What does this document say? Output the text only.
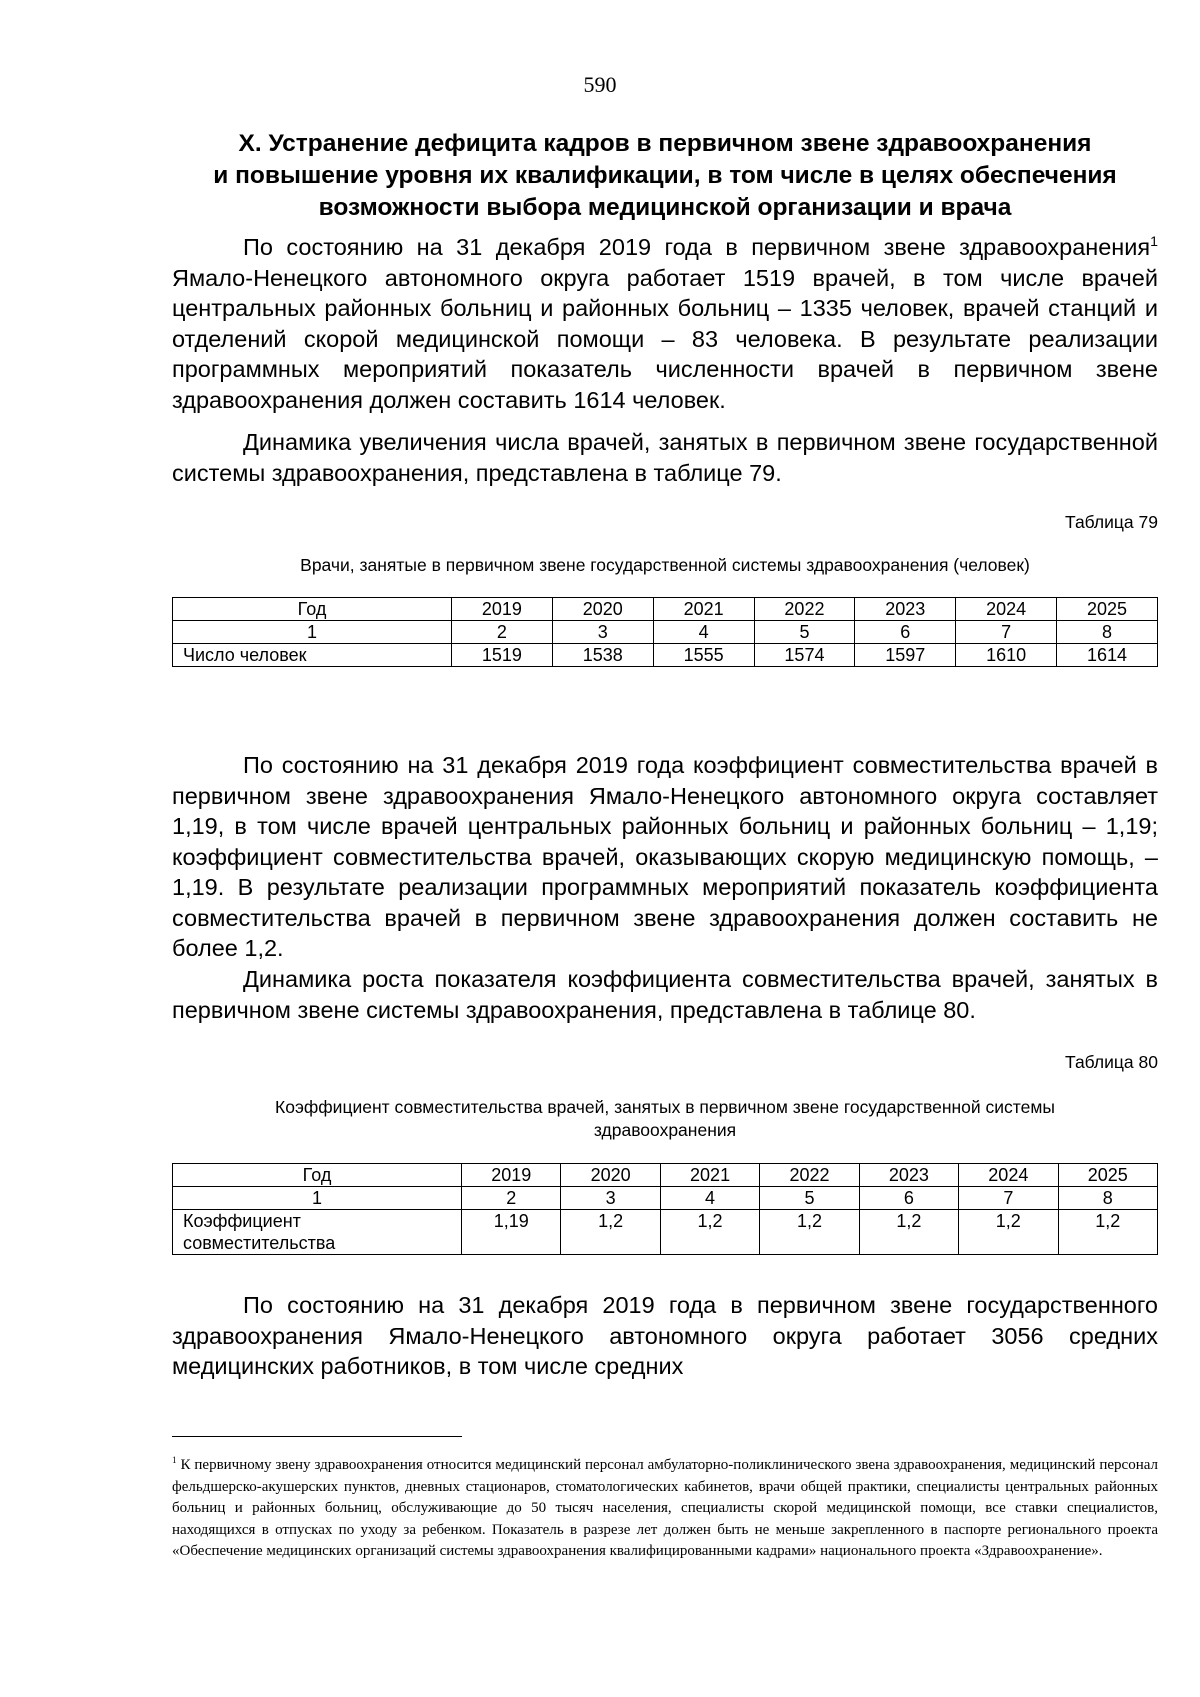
590
X. Устранение дефицита кадров в первичном звене здравоохранения
и повышение уровня их квалификации, в том числе в целях обеспечения
возможности выбора медицинской организации и врача

По состоянию на 31 декабря 2019 года в первичном звене здравоохранения$^1$ Ямало-Ненецкого автономного округа работает 1519 врачей, в том числе врачей центральных районных больниц и районных больниц – 1335 человек, врачей станций и отделений скорой медицинской помощи – 83 человека. В результате реализации программных мероприятий показатель численности врачей в первичном звене здравоохранения должен составить 1614 человек.

Динамика увеличения числа врачей, занятых в первичном звене государственной системы здравоохранения, представлена в таблице 79.

Таблица 79
Врачи, занятые в первичном звене государственной системы здравоохранения (человек)
Год	2019	2020	2021	2022	2023	2024	2025
1	2	3	4	5	6	7	8
Число человек	1519	1538	1555	1574	1597	1610	1614

По состоянию на 31 декабря 2019 года коэффициент совместительства врачей в первичном звене здравоохранения Ямало-Ненецкого автономного округа составляет 1,19, в том числе врачей центральных районных больниц и районных больниц – 1,19; коэффициент совместительства врачей, оказывающих скорую медицинскую помощь, – 1,19. В результате реализации программных мероприятий показатель коэффициента совместительства врачей в первичном звене здравоохранения должен составить не более 1,2.

Динамика роста показателя коэффициента совместительства врачей, занятых в первичном звене системы здравоохранения, представлена в таблице 80.

Таблица 80
Коэффициент совместительства врачей, занятых в первичном звене государственной системы
здравоохранения
Год	2019	2020	2021	2022	2023	2024	2025
1	2	3	4	5	6	7	8

Коэффициент
совместительства	1,19	1,2	1,2	1,2	1,2	1,2	1,2

По состоянию на 31 декабря 2019 года в первичном звене государственного здравоохранения Ямало-Ненецкого автономного округа работает 3056 средних медицинских работников, в том числе средних

$^1$ К первичному звену здравоохранения относится медицинский персонал амбулаторно-поликлинического звена здравоохранения, медицинский персонал фельдшерско-акушерских пунктов, дневных стационаров, стоматологических кабинетов, врачи общей практики, специалисты центральных районных больниц и районных больниц, обслуживающие до 50 тысяч населения, специалисты скорой медицинской помощи, все ставки специалистов, находящихся в отпусках по уходу за ребенком. Показатель в разрезе лет должен быть не меньше закрепленного в паспорте регионального проекта «Обеспечение медицинских организаций системы здравоохранения квалифицированными кадрами» национального проекта «Здравоохранение».
